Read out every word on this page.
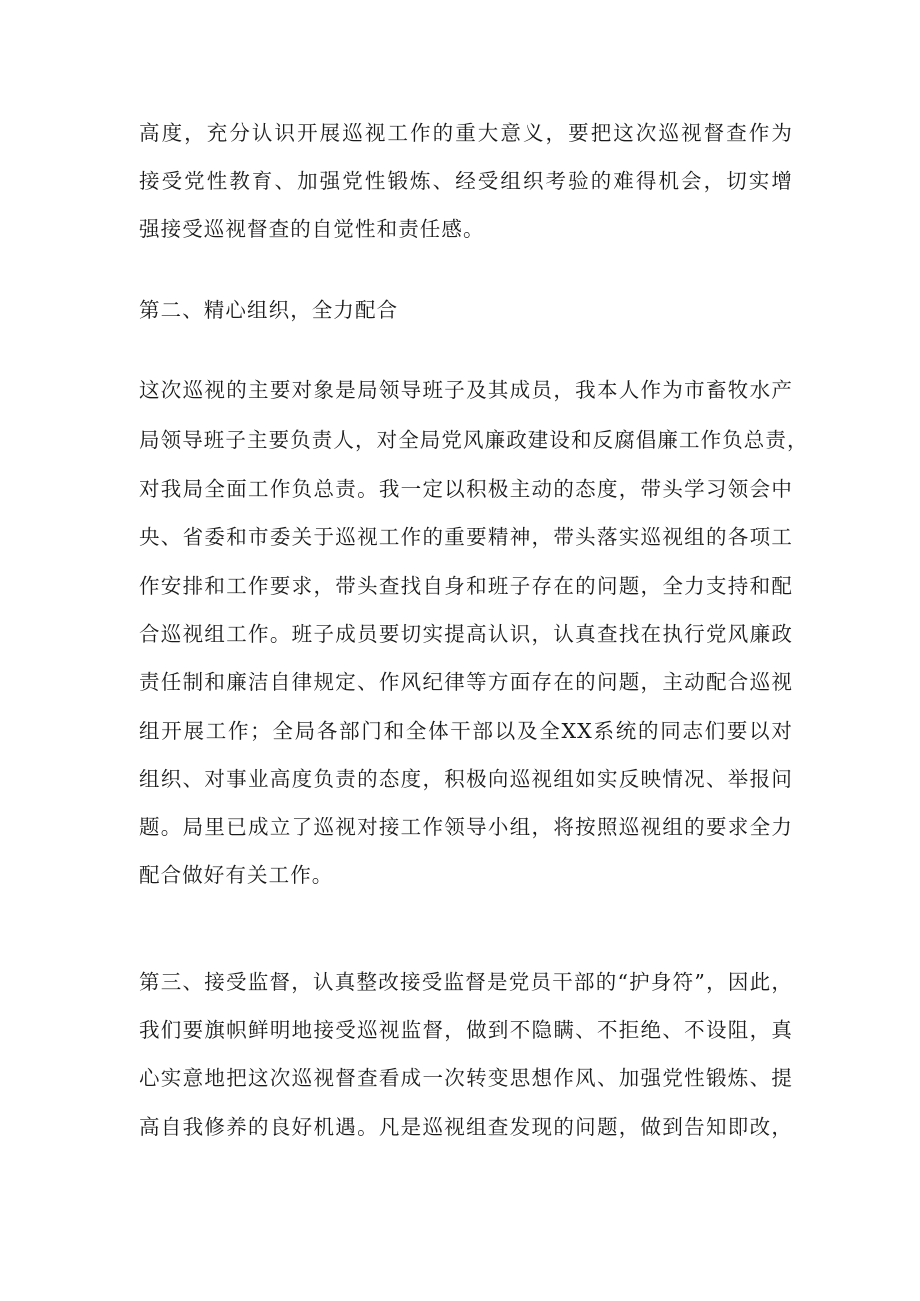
高度，充分认识开展巡视工作的重大意义，要把这次巡视督查作为
接受党性教育、加强党性锻炼、经受组织考验的难得机会，切实增
强接受巡视督查的自觉性和责任感。
第二、精心组织，全力配合
这次巡视的主要对象是局领导班子及其成员，我本人作为市畜牧水产
局领导班子主要负责人，对全局党风廉政建设和反腐倡廉工作负总责，
对我局全面工作负总责。我一定以积极主动的态度，带头学习领会中
央、省委和市委关于巡视工作的重要精神，带头落实巡视组的各项工
作安排和工作要求，带头查找自身和班子存在的问题，全力支持和配
合巡视组工作。班子成员要切实提高认识，认真查找在执行党风廉政
责任制和廉洁自律规定、作风纪律等方面存在的问题，主动配合巡视
组开展工作；全局各部门和全体干部以及全XX系统的同志们要以对
组织、对事业高度负责的态度，积极向巡视组如实反映情况、举报问
题。局里已成立了巡视对接工作领导小组，将按照巡视组的要求全力
配合做好有关工作。
第三、接受监督，认真整改接受监督是党员干部的“护身符”，因此，
我们要旗帜鲜明地接受巡视监督，做到不隐瞒、不拒绝、不设阻，真
心实意地把这次巡视督查看成一次转变思想作风、加强党性锻炼、提
高自我修养的良好机遇。凡是巡视组查发现的问题，做到告知即改，
